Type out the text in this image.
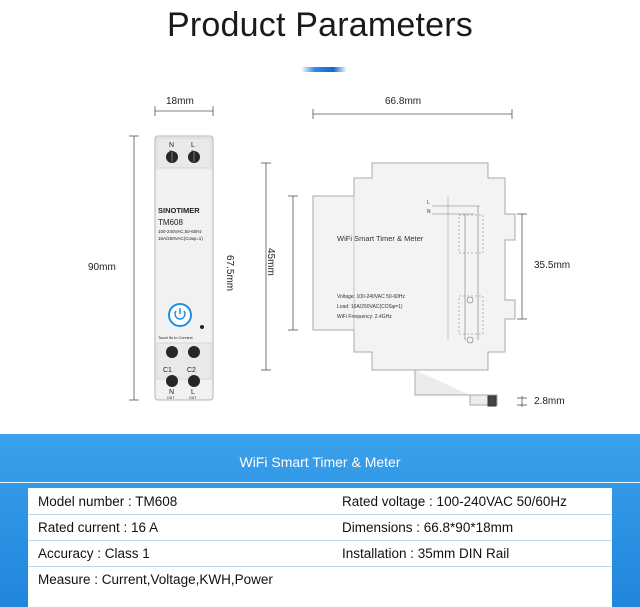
Product Parameters
18mm
90mm
66.8mm
67.5mm	45mm	35.5mm
2.8mm
N L
IN	IN
SINOTIMER
TM608
100-240VAC,50-60Hz
16A/250VAC(Cosφ=1)
Touch 8s to Connect
C1 C2
N L
OUT	OUT
WiFi Smart Timer & Meter
Voltage: 100-240VAC 50-60Hz
Load: 16A/250VAC(COSφ=1)
WiFi Frequency: 2.4GHz
L
N
WiFi Smart Timer & Meter
Model number : TM608	Rated voltage : 100-240VAC 50/60Hz
Rated current : 16 A	Dimensions : 66.8*90*18mm
Accuracy : Class 1	Installation : 35mm DIN Rail
Measure : Current,Voltage,KWH,Power
